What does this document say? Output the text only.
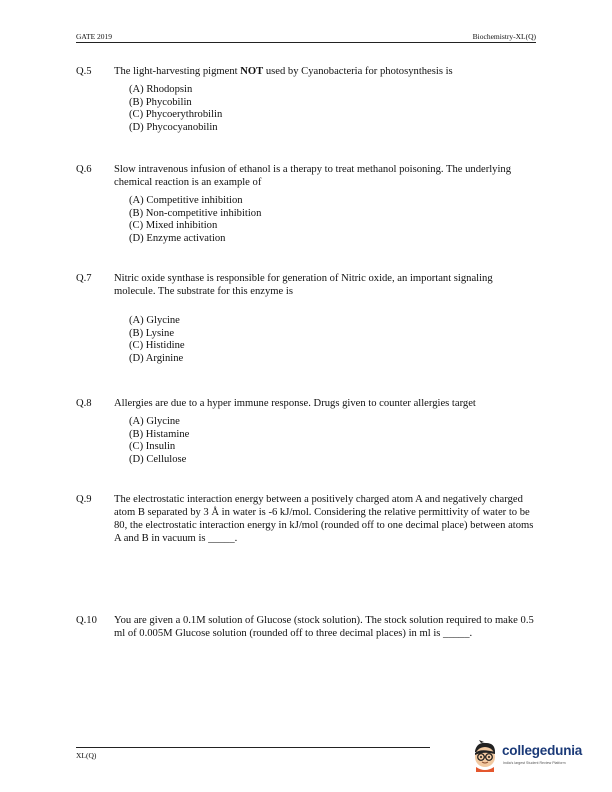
GATE 2019	Biochemistry-XL(Q)
Q.5	The light-harvesting pigment NOT used by Cyanobacteria for photosynthesis is
(A) Rhodopsin
(B) Phycobilin
(C) Phycoerythrobilin
(D) Phycocyanobilin
Q.6	Slow intravenous infusion of ethanol is a therapy to treat methanol poisoning. The underlying chemical reaction is an example of
(A) Competitive inhibition
(B) Non-competitive inhibition
(C) Mixed inhibition
(D) Enzyme activation
Q.7	Nitric oxide synthase is responsible for generation of Nitric oxide, an important signaling molecule. The substrate for this enzyme is
(A) Glycine
(B) Lysine
(C) Histidine
(D) Arginine
Q.8	Allergies are due to a hyper immune response. Drugs given to counter allergies target
(A) Glycine
(B) Histamine
(C) Insulin
(D) Cellulose
Q.9	The electrostatic interaction energy between a positively charged atom A and negatively charged atom B separated by 3 Å in water is -6 kJ/mol. Considering the relative permittivity of water to be 80, the electrostatic interaction energy in kJ/mol (rounded off to one decimal place) between atoms A and B in vacuum is _____.
Q.10	You are given a 0.1M solution of Glucose (stock solution). The stock solution required to make 0.5 ml of 0.005M Glucose solution (rounded off to three decimal places) in ml is _____.
XL(Q)	collegedunia
India's largest Student Review Platform
